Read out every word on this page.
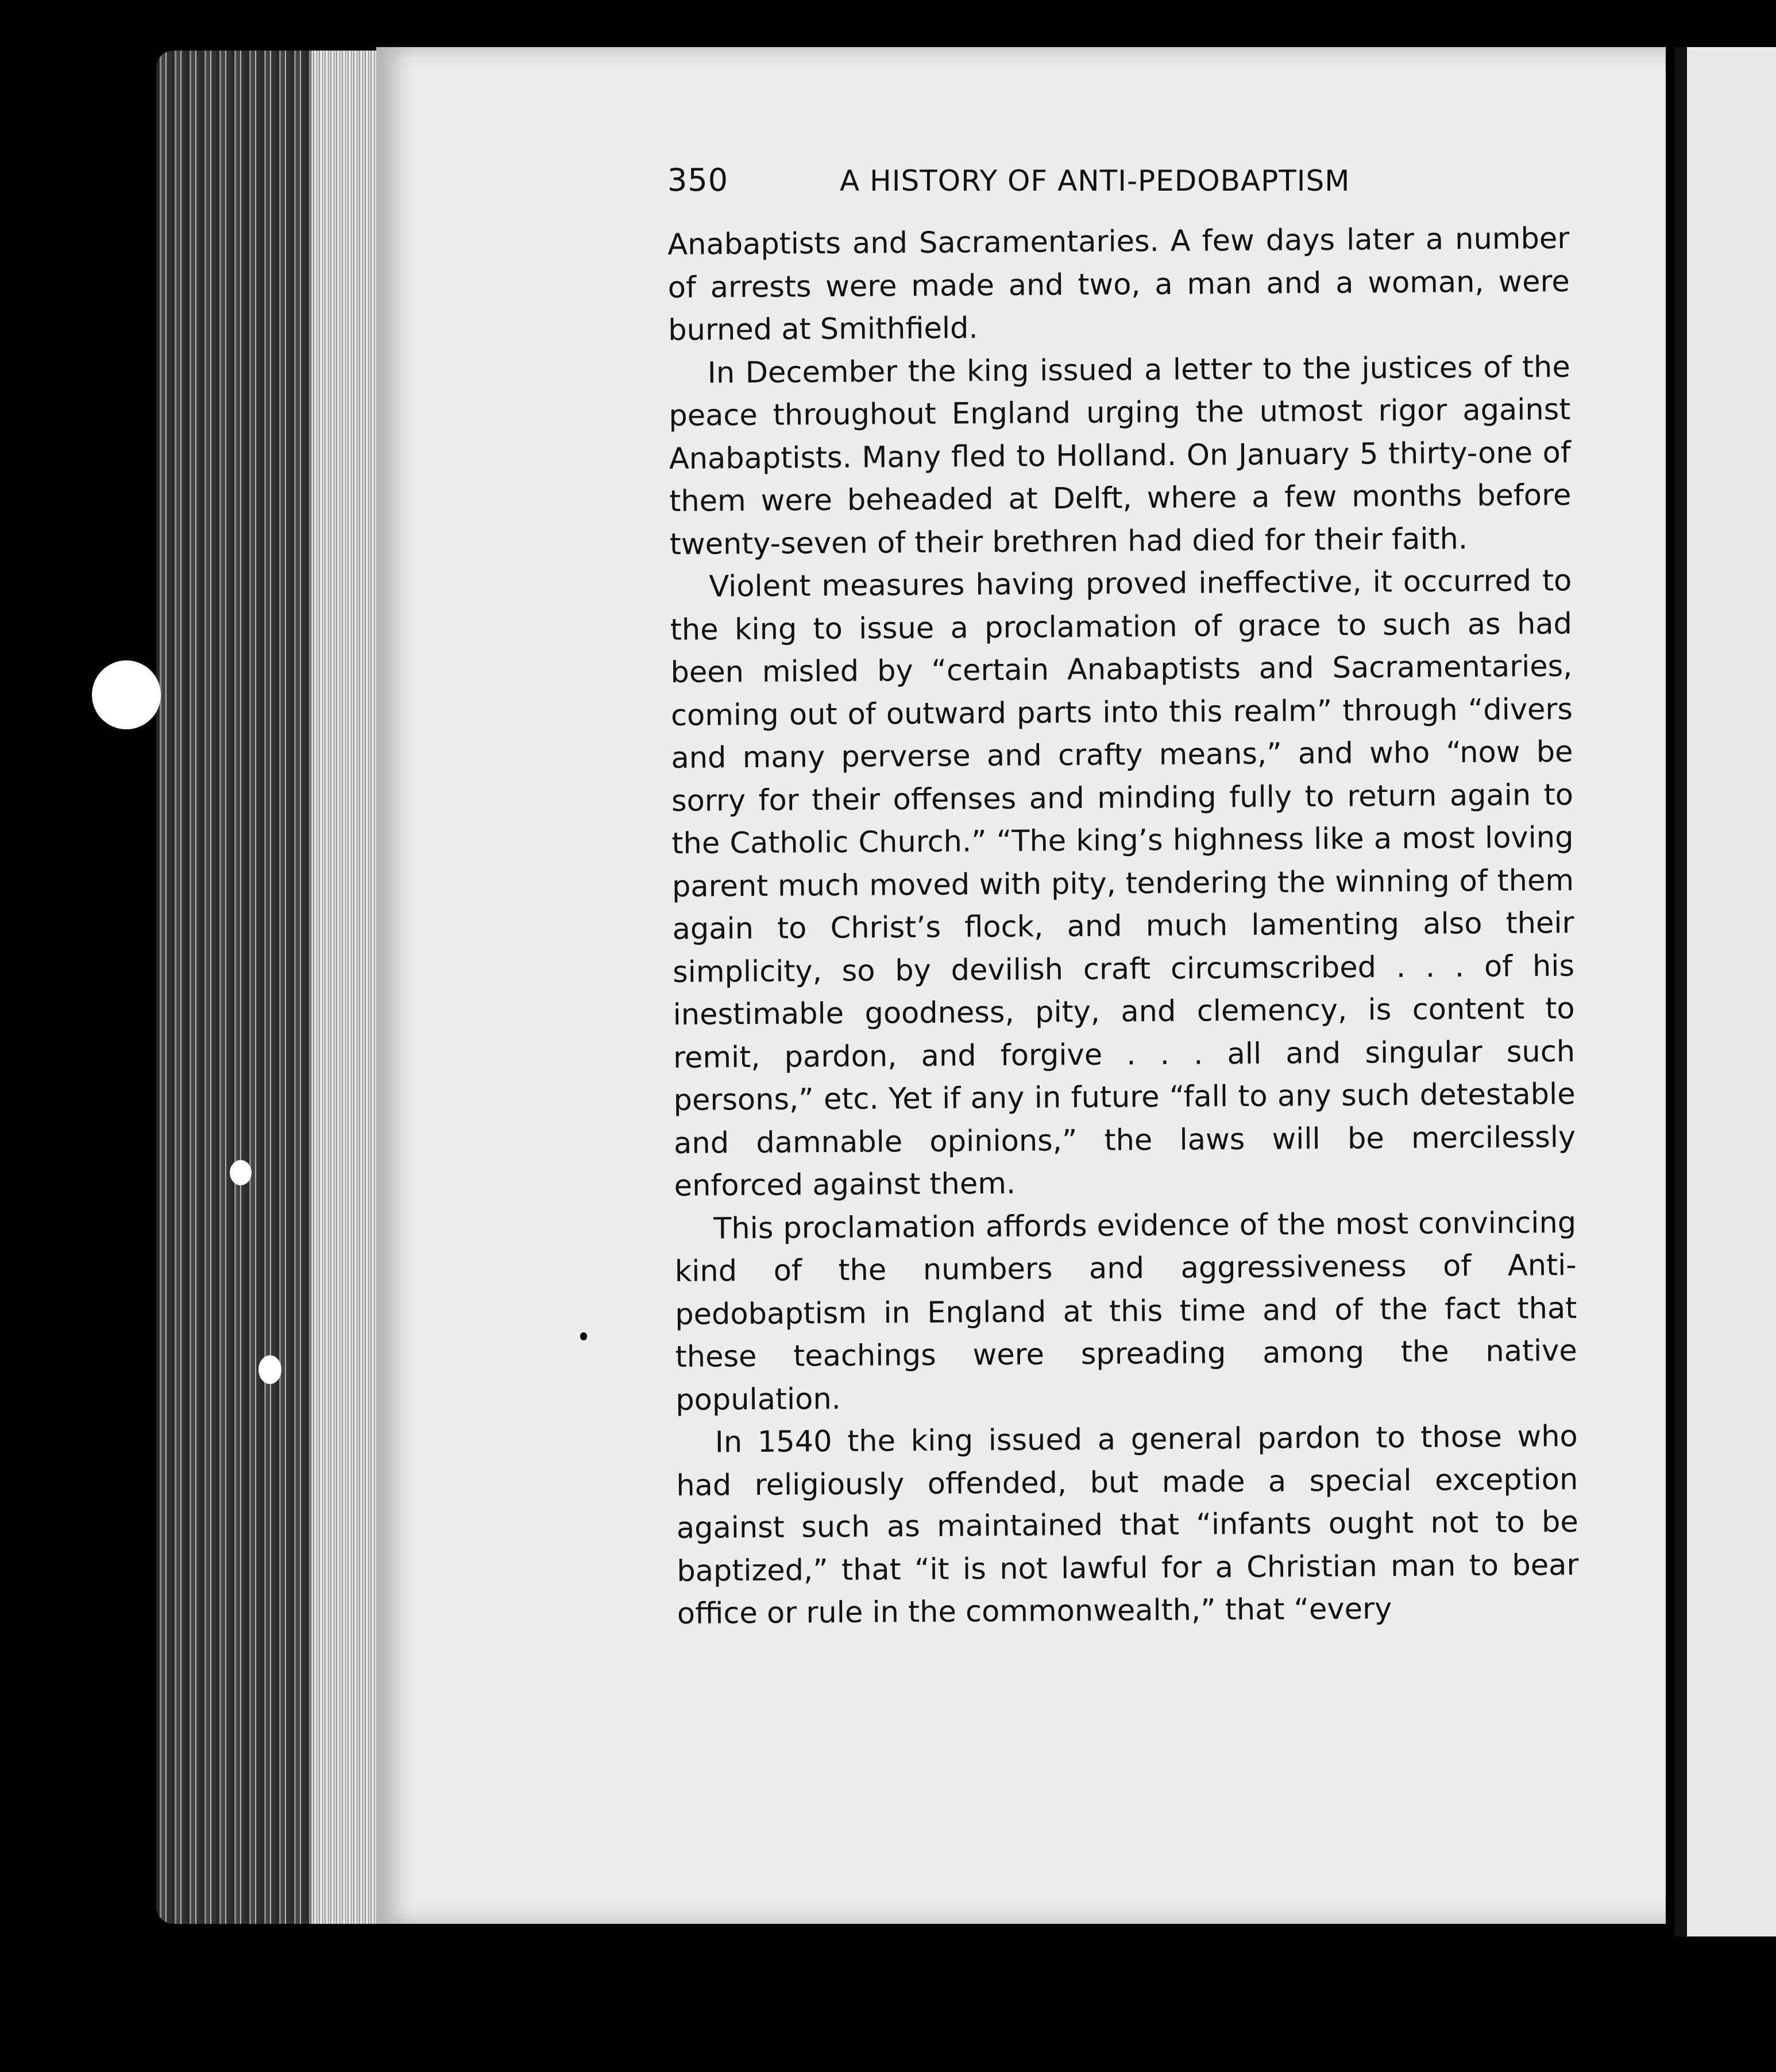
350	A HISTORY OF ANTI-PEDOBAPTISM

Anabaptists and Sacramentaries. A few days later a number of arrests were made and two, a man and a woman, were burned at Smithfield.

In December the king issued a letter to the justices of the peace throughout England urging the utmost rigor against Anabaptists. Many fled to Holland. On January 5 thirty-one of them were beheaded at Delft, where a few months before twenty-seven of their brethren had died for their faith.

Violent measures having proved ineffective, it occurred to the king to issue a proclamation of grace to such as had been misled by “certain Anabaptists and Sacramentaries, coming out of outward parts into this realm” through “divers and many perverse and crafty means,” and who “now be sorry for their offenses and minding fully to return again to the Catholic Church.” “The king’s highness like a most loving parent much moved with pity, tendering the winning of them again to Christ’s flock, and much lamenting also their simplicity, so by devilish craft circumscribed . . . of his inestimable goodness, pity, and clemency, is content to remit, pardon, and forgive . . . all and singular such persons,” etc. Yet if any in future “fall to any such detestable and damnable opinions,” the laws will be mercilessly enforced against them.

This proclamation affords evidence of the most convincing kind of the numbers and aggressiveness of Anti-pedobaptism in England at this time and of the fact that these teachings were spreading among the native population.

In 1540 the king issued a general pardon to those who had religiously offended, but made a special exception against such as maintained that “infants ought not to be baptized,” that “it is not lawful for a Christian man to bear office or rule in the commonwealth,” that “every
